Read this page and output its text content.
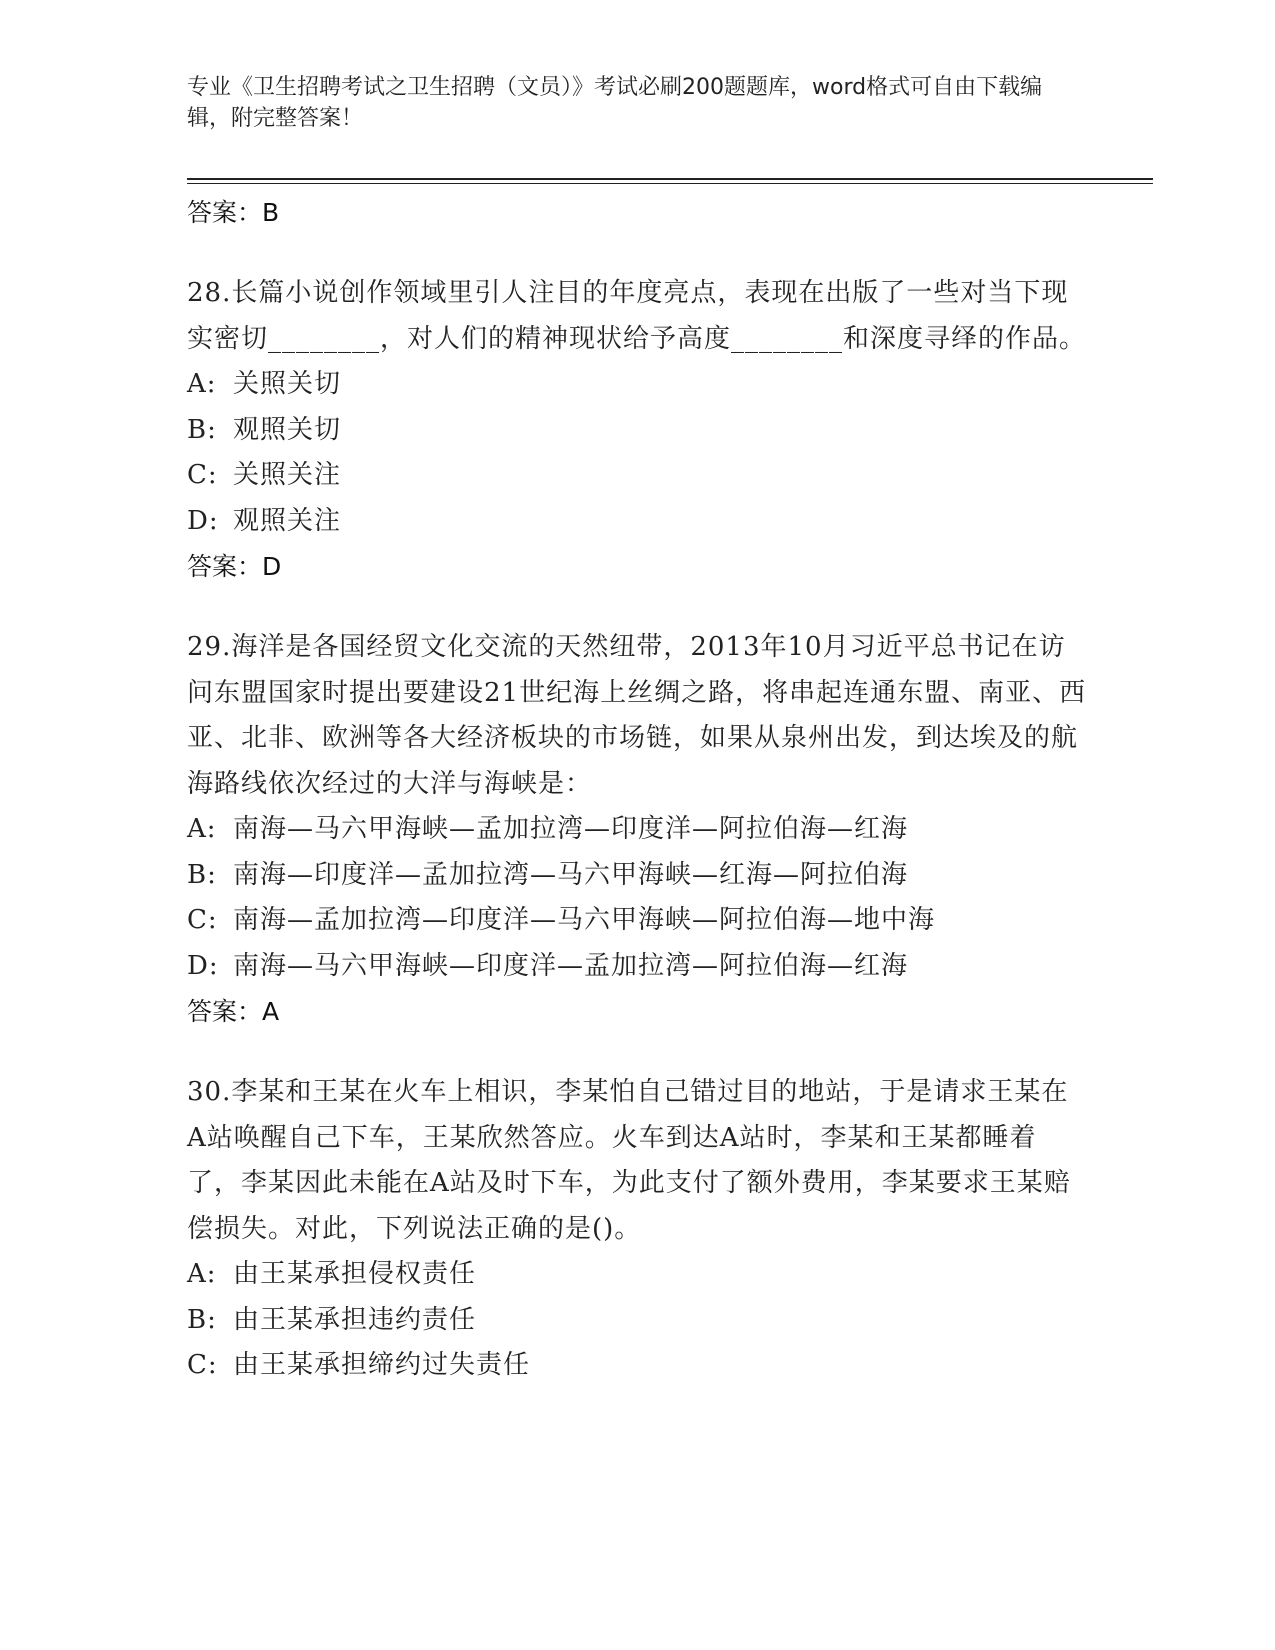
专业《卫生招聘考试之卫生招聘（文员）》考试必刷200题题库，word格式可自由下载编辑，附完整答案！
答案：B
28.长篇小说创作领域里引人注目的年度亮点，表现在出版了一些对当下现实密切________，对人们的精神现状给予高度________和深度寻绎的作品。
A: 关照关切
B: 观照关切
C: 关照关注
D: 观照关注
答案：D
29.海洋是各国经贸文化交流的天然纽带，2013年10月习近平总书记在访问东盟国家时提出要建设21世纪海上丝绸之路，将串起连通东盟、南亚、西亚、北非、欧洲等各大经济板块的市场链，如果从泉州出发，到达埃及的航海路线依次经过的大洋与海峡是：
A: 南海—马六甲海峡—孟加拉湾—印度洋—阿拉伯海—红海
B: 南海—印度洋—孟加拉湾—马六甲海峡—红海—阿拉伯海
C: 南海—孟加拉湾—印度洋—马六甲海峡—阿拉伯海—地中海
D: 南海—马六甲海峡—印度洋—孟加拉湾—阿拉伯海—红海
答案：A
30.李某和王某在火车上相识，李某怕自己错过目的地站，于是请求王某在A站唤醒自己下车，王某欣然答应。火车到达A站时，李某和王某都睡着了，李某因此未能在A站及时下车，为此支付了额外费用，李某要求王某赔偿损失。对此，下列说法正确的是()。
A: 由王某承担侵权责任
B: 由王某承担违约责任
C: 由王某承担缔约过失责任
